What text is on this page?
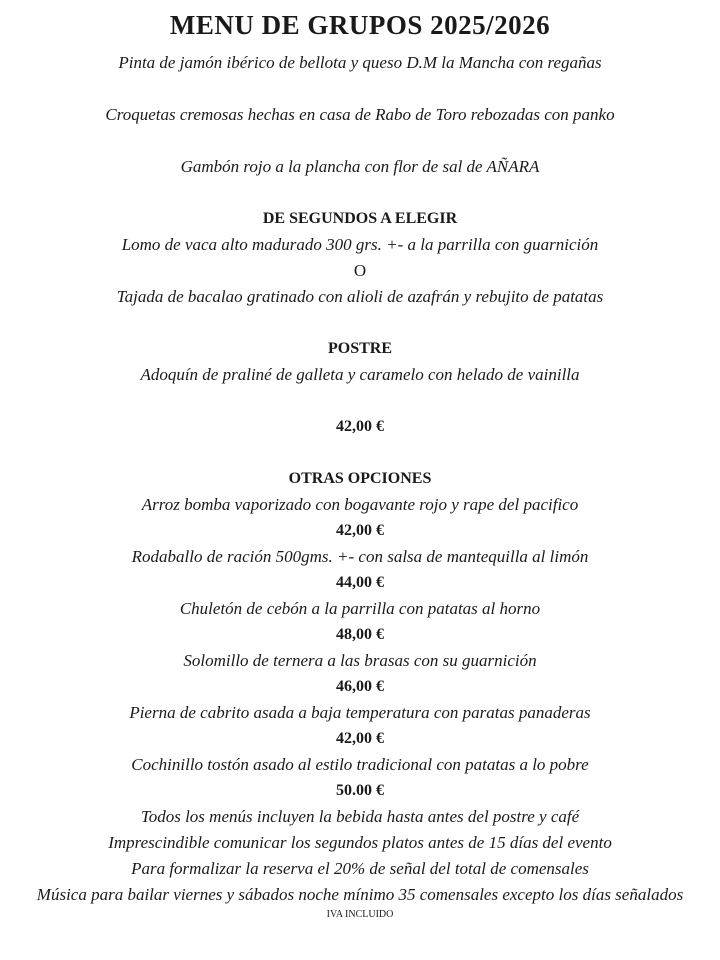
MENU DE GRUPOS 2025/2026

Pinta de jamón ibérico de bellota y queso D.M la Mancha con regañas

Croquetas cremosas hechas en casa de Rabo de Toro rebozadas con panko

Gambón rojo a la plancha con flor de sal de AÑARA

DE SEGUNDOS A ELEGIR

Lomo de vaca alto madurado 300 grs. +- a la parrilla con guarnición

O

Tajada de bacalao gratinado con alioli de azafrán y rebujito de patatas

POSTRE

Adoquín de praliné de galleta y caramelo con helado de vainilla

42,00 €

OTRAS OPCIONES

Arroz bomba vaporizado con bogavante rojo y rape del pacifico

42,00 €

Rodaballo de ración 500gms. +- con salsa de mantequilla al limón

44,00 €

Chuletón de cebón a la parrilla con patatas al horno

48,00 €

Solomillo de ternera a las brasas con su guarnición

46,00 €

Pierna de cabrito asada a baja temperatura con paratas panaderas

42,00 €

Cochinillo tostón asado al estilo tradicional con patatas a lo pobre

50.00 €

Todos los menús incluyen la bebida hasta antes del postre y café

Imprescindible comunicar los segundos platos antes de 15 días del evento

Para formalizar la reserva el 20% de señal del total de comensales

Música para bailar viernes y sábados noche mínimo 35 comensales excepto los días señalados

IVA INCLUIDO
